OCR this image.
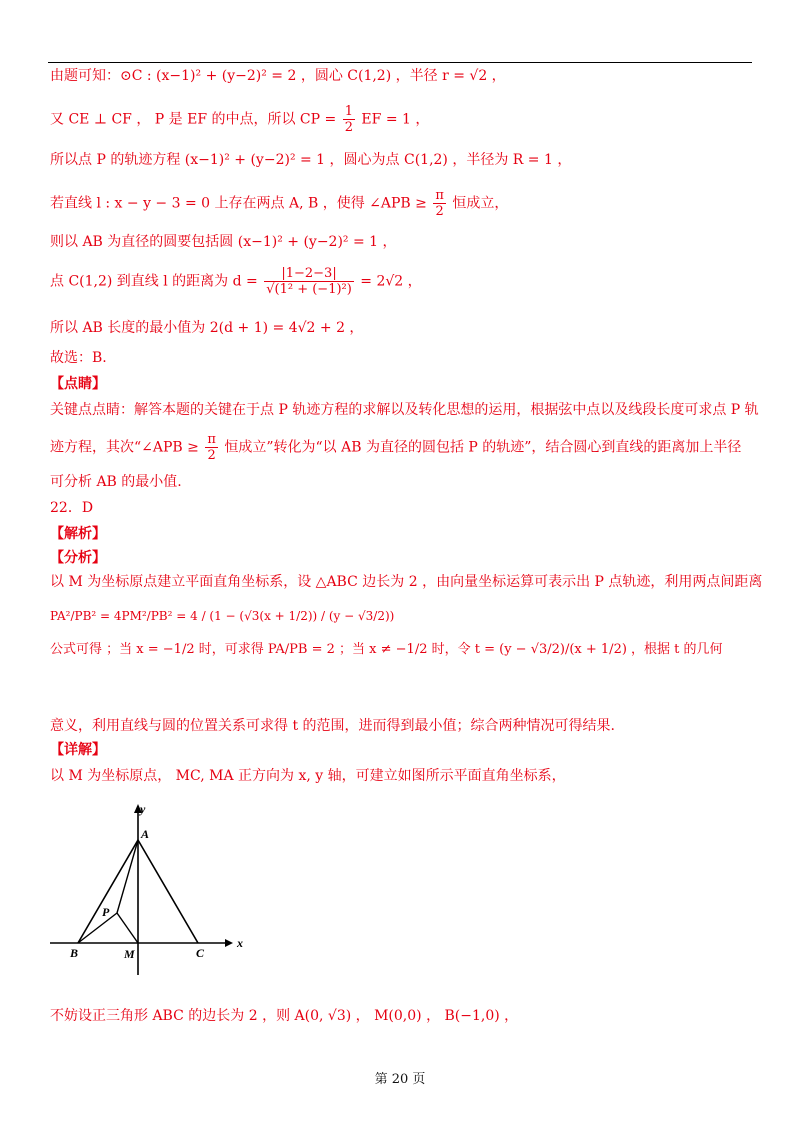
由题可知：⊙C : (x−1)² + (y−2)² = 2 ，圆心 C(1,2) ，半径 r = √2 ，
又 CE ⊥ CF ， P 是 EF 的中点，所以 CP = $\frac{1}{2}$ EF = 1 ，
所以点 P 的轨迹方程 (x−1)² + (y−2)² = 1 ，圆心为点 C(1,2) ，半径为 R = 1 ，
若直线 l : x − y − 3 = 0 上存在两点 A, B ，使得 ∠APB ≥ $\frac{\pi}{2}$ 恒成立，
则以 AB 为直径的圆要包括圆 (x−1)² + (y−2)² = 1 ，
点 C(1,2) 到直线 l 的距离为 $d = \frac{|1-2-3|}{\text{√(1² + (−1)²)}} = 2√2$ ，
所以 AB 长度的最小值为 2(d + 1) = 4√2 + 2 ，
故选：B.
【点睛】
关键点点睛：解答本题的关键在于点 P 轨迹方程的求解以及转化思想的运用，根据弦中点以及线段长度可求点 P 轨
迹方程，其次“∠APB ≥ $\frac{\pi}{2}$ 恒成立”转化为“以 AB 为直径的圆包括 P 的轨迹”，结合圆心到直线的距离加上半径
可分析 AB 的最小值.
22．D
【解析】
【分析】
以 M 为坐标原点建立平面直角坐标系，设 △ABC 边长为 2 ，由向量坐标运算可表示出 P 点轨迹，利用两点间距离
PA²/PB² = 4PM²/PB² = 4 / (1 − (√3(x + 1/2)) / (y − √3/2))
公式可得 ；当 x = −1/2 时，可求得 PA/PB = 2 ；当 x ≠ −1/2 时，令 t = (y − √3/2)/(x + 1/2) ，根据 t 的几何
意义，利用直线与圆的位置关系可求得 t 的范围，进而得到最小值；综合两种情况可得结果.
【详解】
以 M 为坐标原点， MC, MA 正方向为 x, y 轴，可建立如图所示平面直角坐标系，
y
x
A
P
B	M	C
不妨设正三角形 ABC 的边长为 2 ，则 A(0, √3) ， M(0,0) ， B(−1,0) ，
第 20 页
